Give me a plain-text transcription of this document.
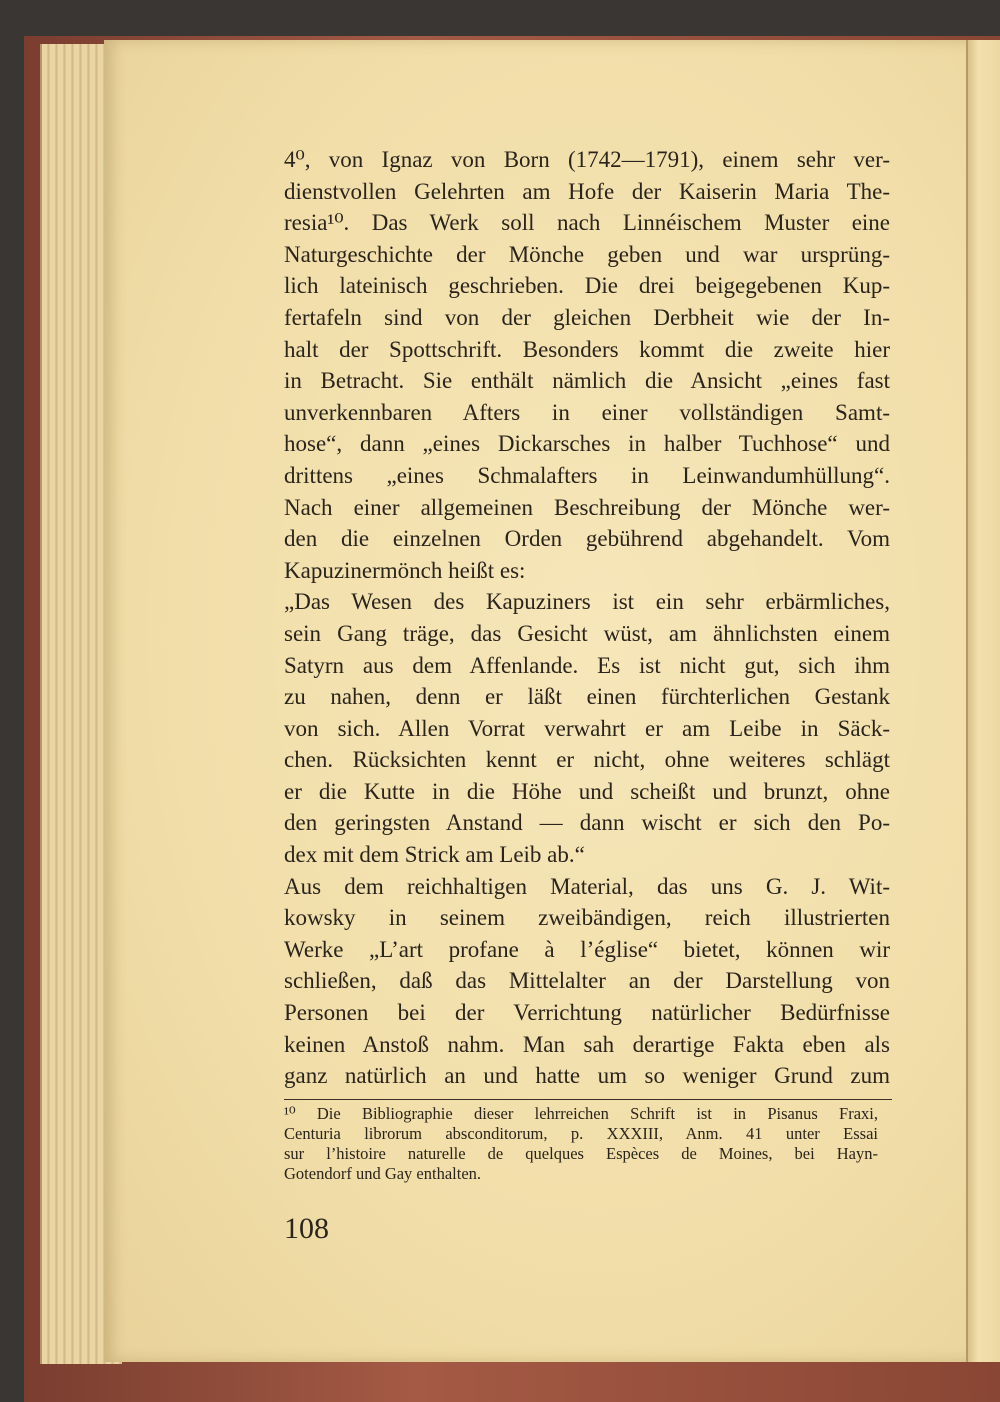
4⁰, von Ignaz von Born (1742—1791), einem sehr ver-
dienstvollen Gelehrten am Hofe der Kaiserin Maria The-
resia¹⁰. Das Werk soll nach Linnéischem Muster eine
Naturgeschichte der Mönche geben und war ursprüng-
lich lateinisch geschrieben. Die drei beigegebenen Kup-
fertafeln sind von der gleichen Derbheit wie der In-
halt der Spottschrift. Besonders kommt die zweite hier
in Betracht. Sie enthält nämlich die Ansicht „eines fast
unverkennbaren Afters in einer vollständigen Samt-
hose“, dann „eines Dickarsches in halber Tuchhose“ und
drittens „eines Schmalafters in Leinwandumhüllung“.
Nach einer allgemeinen Beschreibung der Mönche wer-
den die einzelnen Orden gebührend abgehandelt. Vom
Kapuzinermönch heißt es:
„Das Wesen des Kapuziners ist ein sehr erbärmliches,
sein Gang träge, das Gesicht wüst, am ähnlichsten einem
Satyrn aus dem Affenlande. Es ist nicht gut, sich ihm
zu nahen, denn er läßt einen fürchterlichen Gestank
von sich. Allen Vorrat verwahrt er am Leibe in Säck-
chen. Rücksichten kennt er nicht, ohne weiteres schlägt
er die Kutte in die Höhe und scheißt und brunzt, ohne
den geringsten Anstand — dann wischt er sich den Po-
dex mit dem Strick am Leib ab.“
Aus dem reichhaltigen Material, das uns G. J. Wit-
kowsky in seinem zweibändigen, reich illustrierten
Werke „L’art profane à l’église“ bietet, können wir
schließen, daß das Mittelalter an der Darstellung von
Personen bei der Verrichtung natürlicher Bedürfnisse
keinen Anstoß nahm. Man sah derartige Fakta eben als
ganz natürlich an und hatte um so weniger Grund zum
¹⁰ Die Bibliographie dieser lehrreichen Schrift ist in Pisanus Fraxi,
Centuria librorum absconditorum, p. XXXIII, Anm. 41 unter Essai
sur l’histoire naturelle de quelques Espèces de Moines, bei Hayn-
Gotendorf und Gay enthalten.
108
